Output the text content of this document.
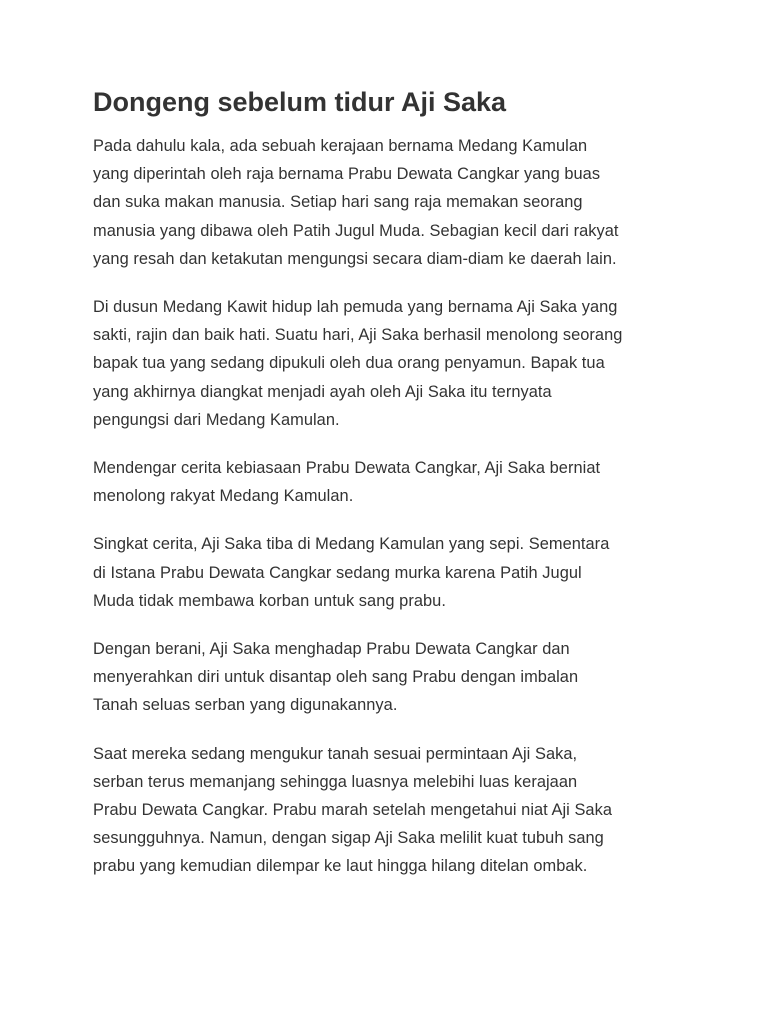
Dongeng sebelum tidur Aji Saka
Pada dahulu kala, ada sebuah kerajaan bernama Medang Kamulan
yang diperintah oleh raja bernama Prabu Dewata Cangkar yang buas
dan suka makan manusia. Setiap hari sang raja memakan seorang
manusia yang dibawa oleh Patih Jugul Muda. Sebagian kecil dari rakyat
yang resah dan ketakutan mengungsi secara diam-diam ke daerah lain.
Di dusun Medang Kawit hidup lah pemuda yang bernama Aji Saka yang
sakti, rajin dan baik hati. Suatu hari, Aji Saka berhasil menolong seorang
bapak tua yang sedang dipukuli oleh dua orang penyamun. Bapak tua
yang akhirnya diangkat menjadi ayah oleh Aji Saka itu ternyata
pengungsi dari Medang Kamulan.
Mendengar cerita kebiasaan Prabu Dewata Cangkar, Aji Saka berniat
menolong rakyat Medang Kamulan.
Singkat cerita, Aji Saka tiba di Medang Kamulan yang sepi. Sementara
di Istana Prabu Dewata Cangkar sedang murka karena Patih Jugul
Muda tidak membawa korban untuk sang prabu.
Dengan berani, Aji Saka menghadap Prabu Dewata Cangkar dan
menyerahkan diri untuk disantap oleh sang Prabu dengan imbalan
Tanah seluas serban yang digunakannya.
Saat mereka sedang mengukur tanah sesuai permintaan Aji Saka,
serban terus memanjang sehingga luasnya melebihi luas kerajaan
Prabu Dewata Cangkar. Prabu marah setelah mengetahui niat Aji Saka
sesungguhnya. Namun, dengan sigap Aji Saka melilit kuat tubuh sang
prabu yang kemudian dilempar ke laut hingga hilang ditelan ombak.
